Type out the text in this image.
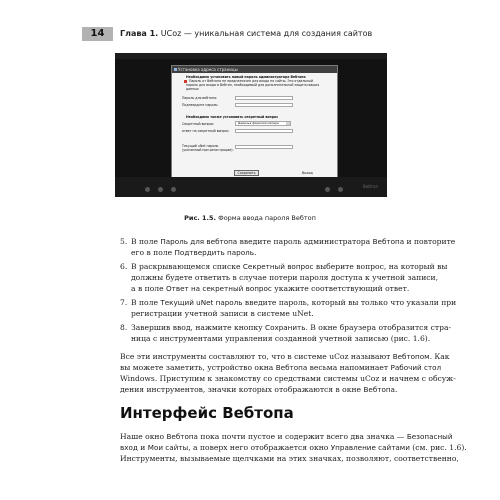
14	Глава 1. UCoz — уникальная система для создания сайтов
Установка адреса страницы
Необходимо установить новый пароль администратора Вебтопа
Пароль от Вебтопа не предназначен для входа на сайты. Это отдельный
пароль для входа в Вебтоп, необходимый для дополнительной защиты ваших
данных
Пароль для вебтопа:
Подтвердите пароль:
Необходимо также установить секретный вопрос
Секретный вопрос:	Девичья фамилия матери
ответ на секретный вопрос:
Текущий uNet пароль
(указанный при регистрации):
Сохранить	Выход
Вебтоп
Рис. 1.5. Форма ввода пароля Вебтоп
5. В поле Пароль для вебтопа введите пароль администратора Вебтопа и повторите
его в поле Подтвердить пароль.
6. В раскрывающемся списке Секретный вопрос выберите вопрос, на который вы
должны будете ответить в случае потери пароля доступа к учетной записи,
а в поле Ответ на секретный вопрос укажите соответствующий ответ.
7. В поле Текущий uNet пароль введите пароль, который вы только что указали при
регистрации учетной записи в системе uNet.
8. Завершив ввод, нажмите кнопку Сохранить. В окне браузера отобразится стра-
ница с инструментами управления созданной учетной записью (рис. 1.6).
Все эти инструменты составляют то, что в системе uCoz называют Вебтопом. Как
вы можете заметить, устройство окна Вебтопа весьма напоминает Рабочий стол
Windows. Приступим к знакомству со средствами системы uCoz и начнем с обсуж-
дения инструментов, значки которых отображаются в окне Вебтопа.
Интерфейс Вебтопа
Наше окно Вебтопа пока почти пустое и содержит всего два значка — Безопасный
вход и Мои сайты, а поверх него отображается окно Управление сайтами (см. рис. 1.6).
Инструменты, вызываемые щелчками на этих значках, позволяют, соответственно,
